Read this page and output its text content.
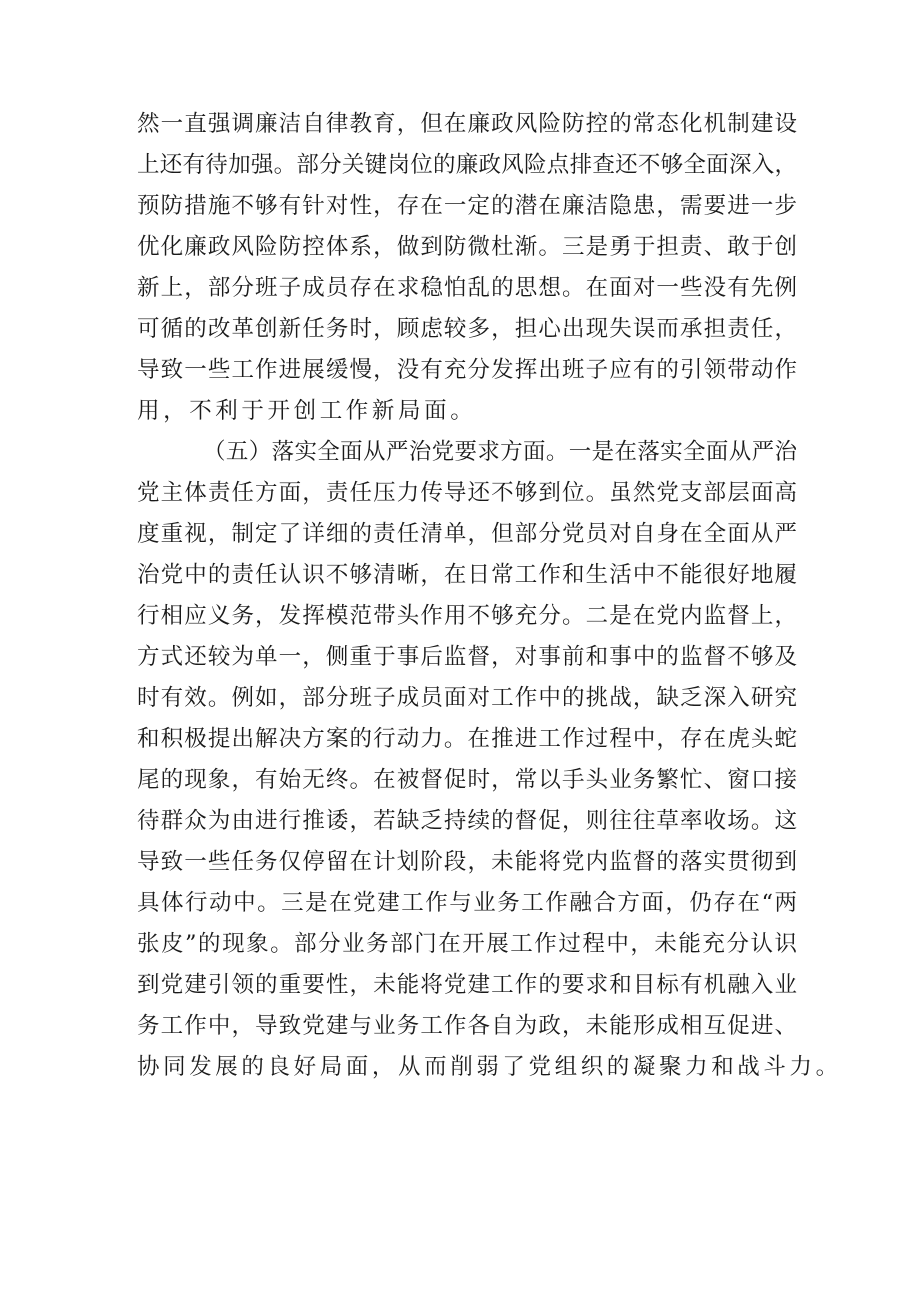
然一直强调廉洁自律教育，但在廉政风险防控的常态化机制建设
上还有待加强。部分关键岗位的廉政风险点排查还不够全面深入，
预防措施不够有针对性，存在一定的潜在廉洁隐患，需要进一步
优化廉政风险防控体系，做到防微杜渐。三是勇于担责、敢于创
新上，部分班子成员存在求稳怕乱的思想。在面对一些没有先例
可循的改革创新任务时，顾虑较多，担心出现失误而承担责任，
导致一些工作进展缓慢，没有充分发挥出班子应有的引领带动作
用，不利于开创工作新局面。
（五）落实全面从严治党要求方面。一是在落实全面从严治
党主体责任方面，责任压力传导还不够到位。虽然党支部层面高
度重视，制定了详细的责任清单，但部分党员对自身在全面从严
治党中的责任认识不够清晰，在日常工作和生活中不能很好地履
行相应义务，发挥模范带头作用不够充分。二是在党内监督上，
方式还较为单一，侧重于事后监督，对事前和事中的监督不够及
时有效。例如，部分班子成员面对工作中的挑战，缺乏深入研究
和积极提出解决方案的行动力。在推进工作过程中，存在虎头蛇
尾的现象，有始无终。在被督促时，常以手头业务繁忙、窗口接
待群众为由进行推诿，若缺乏持续的督促，则往往草率收场。这
导致一些任务仅停留在计划阶段，未能将党内监督的落实贯彻到
具体行动中。三是在党建工作与业务工作融合方面，仍存在“两
张皮”的现象。部分业务部门在开展工作过程中，未能充分认识
到党建引领的重要性，未能将党建工作的要求和目标有机融入业
务工作中，导致党建与业务工作各自为政，未能形成相互促进、
协同发展的良好局面，从而削弱了党组织的凝聚力和战斗力。
